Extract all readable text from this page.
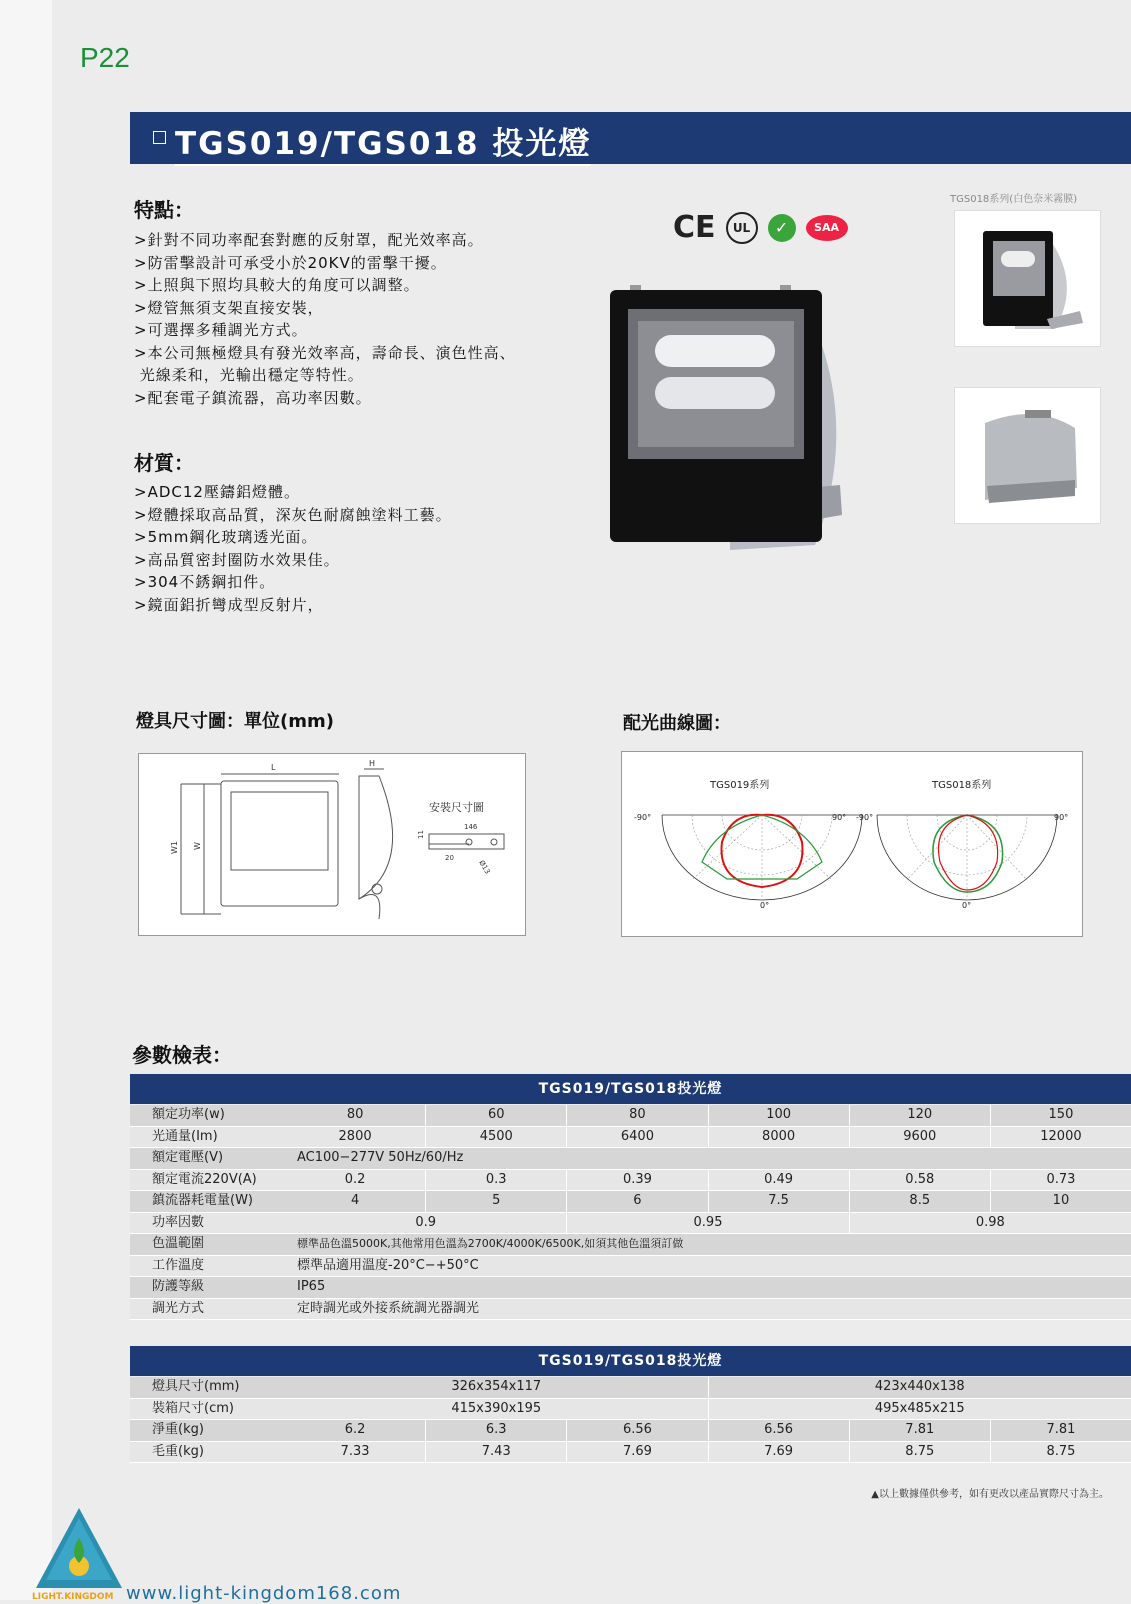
P22
TGS019/TGS018 投光燈
特點：
>針對不同功率配套對應的反射罩，配光效率高。
>防雷擊設計可承受小於20KV的雷擊干擾。
>上照與下照均具較大的角度可以調整。
>燈管無須支架直接安裝，
>可選擇多種調光方式。
>本公司無極燈具有發光效率高，壽命長、演色性高、
光線柔和，光輸出穩定等特性。
>配套電子鎮流器，高功率因數。
材質：
>ADC12壓鑄鋁燈體。
>燈體採取高品質，深灰色耐腐蝕塗料工藝。
>5mm鋼化玻璃透光面。
>高品質密封圈防水效果佳。
>304不銹鋼扣件。
>鏡面鋁折彎成型反射片，
CE	UL	✓	SAA
TGS018系列(白色奈米霧膜)
燈具尺寸圖：單位(mm)
L	H
W1 W
安裝尺寸圖
146
11
20
Ø13
配光曲線圖：
TGS019系列	TGS018系列
-90°	90° -90°	90°
0°	0°
參數檢表：
TGS019/TGS018投光燈
額定功率(w)	80	60	80	100	120	150
光通量(Im)	2800	4500	6400	8000	9600	12000
額定電壓(V)	AC100−277V 50Hz/60/Hz
額定電流220V(A)	0.2	0.3	0.39	0.49	0.58	0.73
鎮流器耗電量(W)	4	5	6	7.5	8.5	10
功率因數	0.9	0.95	0.98
色溫範圍	標準品色溫5000K,其他常用色溫為2700K/4000K/6500K,如須其他色溫須訂做
工作溫度	標準品適用溫度-20°C−+50°C
防護等級	IP65
調光方式	定時調光或外接系統調光器調光
TGS019/TGS018投光燈
燈具尺寸(mm)	326x354x117	423x440x138
裝箱尺寸(cm)	415x390x195	495x485x215
淨重(kg)	6.2	6.3	6.56	6.56	7.81	7.81
毛重(kg)	7.33	7.43	7.69	7.69	8.75	8.75
▲以上數據僅供參考，如有更改以產品實際尺寸為主。
LIGHT.KINGDOM www.light-kingdom168.com
